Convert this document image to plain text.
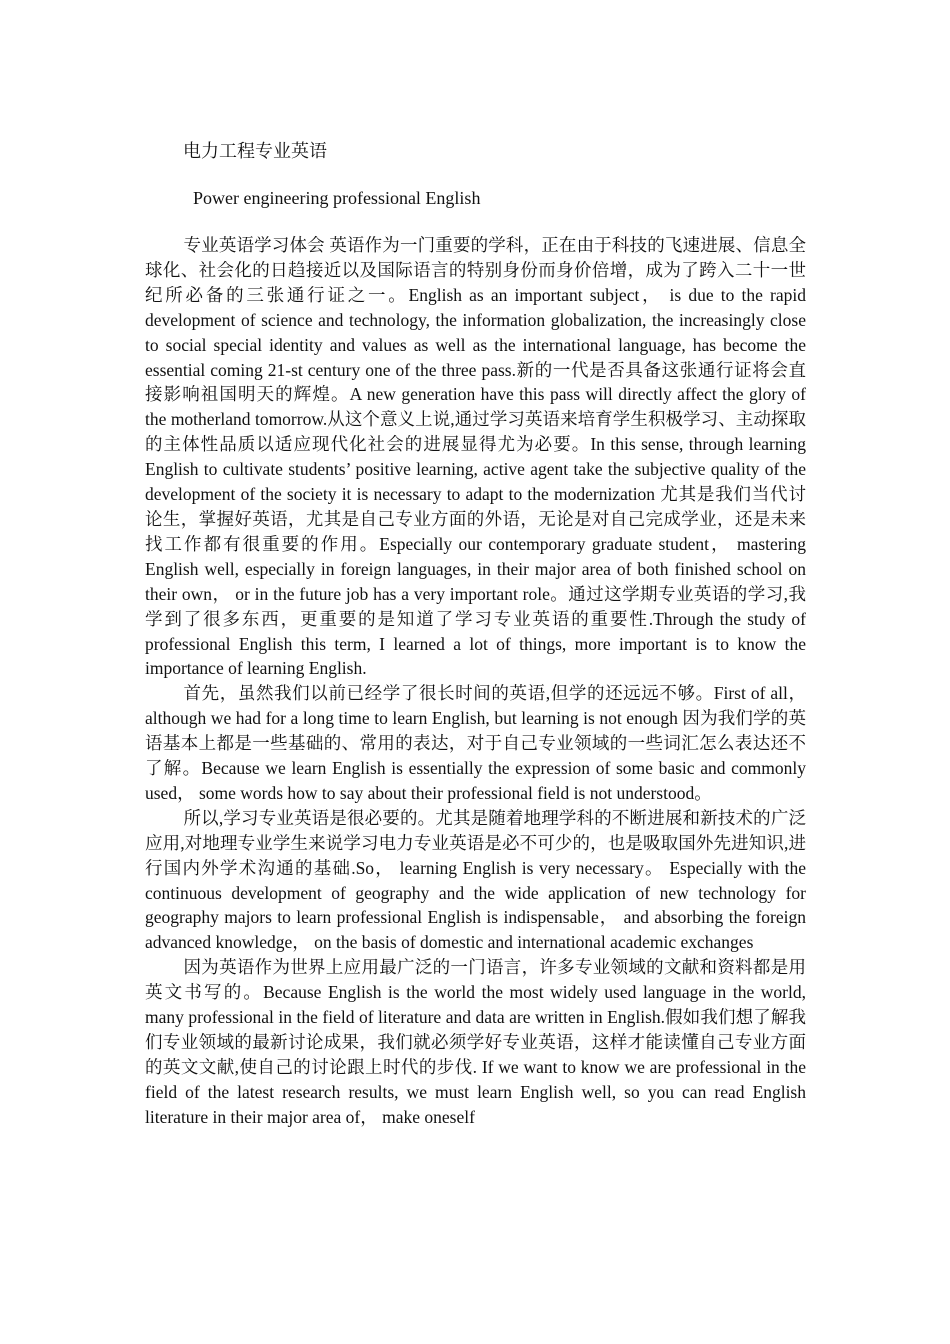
电力工程专业英语
Power engineering professional English

专业英语学习体会 英语作为一门重要的学科，正在由于科技的飞速进展、信息全球化、社会化的日趋接近以及国际语言的特别身份而身价倍增，成为了跨入二十一世纪所必备的三张通行证之一。English as an important subject， is due to the rapid development of science and technology, the information globalization, the increasingly close to social special identity and values as well as the international language, has become the essential coming 21-st century one of the three pass.新的一代是否具备这张通行证将会直接影响祖国明天的辉煌。A new generation have this pass will directly affect the glory of the motherland tomorrow.从这个意义上说,通过学习英语来培育学生积极学习、主动探取的主体性品质以适应现代化社会的进展显得尤为必要。In this sense, through learning English to cultivate students’ positive learning, active agent take the subjective quality of the development of the society it is necessary to adapt to the modernization 尤其是我们当代讨论生，掌握好英语，尤其是自己专业方面的外语，无论是对自己完成学业，还是未来找工作都有很重要的作用。Especially our contemporary graduate student， mastering English well, especially in foreign languages, in their major area of both finished school on their own， or in the future job has a very important role。通过这学期专业英语的学习,我学到了很多东西，更重要的是知道了学习专业英语的重要性.Through the study of professional English this term, I learned a lot of things, more important is to know the importance of learning English.

首先，虽然我们以前已经学了很长时间的英语,但学的还远远不够。First of all， although we had for a long time to learn English, but learning is not enough 因为我们学的英语基本上都是一些基础的、常用的表达，对于自己专业领域的一些词汇怎么表达还不了解。Because we learn English is essentially the expression of some basic and commonly used， some words how to say about their professional field is not understood。

所以,学习专业英语是很必要的。尤其是随着地理学科的不断进展和新技术的广泛应用,对地理专业学生来说学习电力专业英语是必不可少的，也是吸取国外先进知识,进行国内外学术沟通的基础.So， learning English is very necessary。 Especially with the continuous development of geography and the wide application of new technology for geography majors to learn professional English is indispensable， and absorbing the foreign advanced knowledge， on the basis of domestic and international academic exchanges

因为英语作为世界上应用最广泛的一门语言，许多专业领域的文献和资料都是用英文书写的。Because English is the world the most widely used language in the world, many professional in the field of literature and data are written in English.假如我们想了解我们专业领域的最新讨论成果，我们就必须学好专业英语，这样才能读懂自己专业方面的英文文献,使自己的讨论跟上时代的步伐. If we want to know we are professional in the field of the latest research results, we must learn English well, so you can read English literature in their major area of， make oneself
